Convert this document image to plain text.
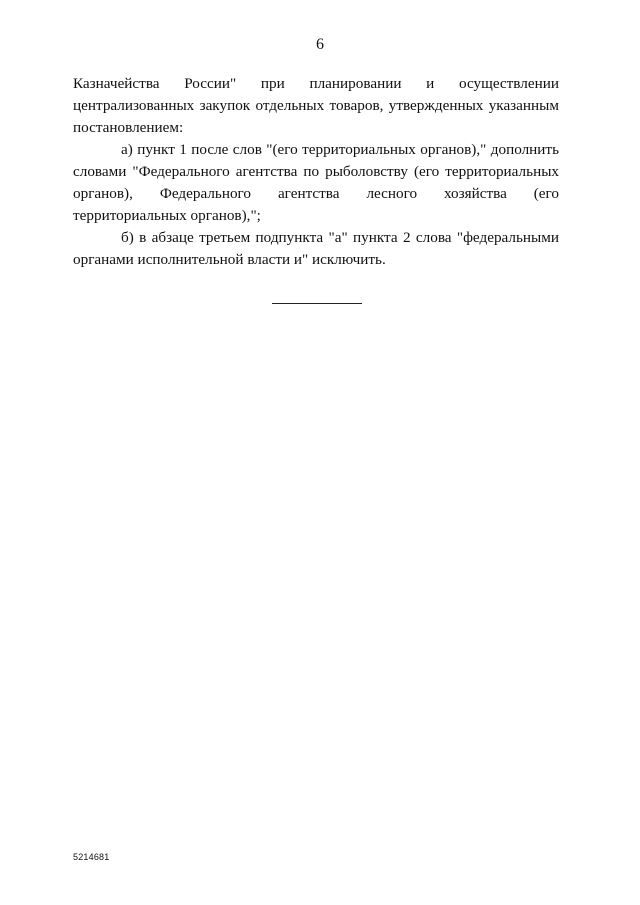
6

Казначейства России" при планировании и осуществлении централизованных закупок отдельных товаров, утвержденных указанным постановлением:

а) пункт 1 после слов "(его территориальных органов)," дополнить словами "Федерального агентства по рыболовству (его территориальных органов), Федерального агентства лесного хозяйства (его территориальных органов),";

б) в абзаце третьем подпункта "а" пункта 2 слова "федеральными органами исполнительной власти и" исключить.

5214681
